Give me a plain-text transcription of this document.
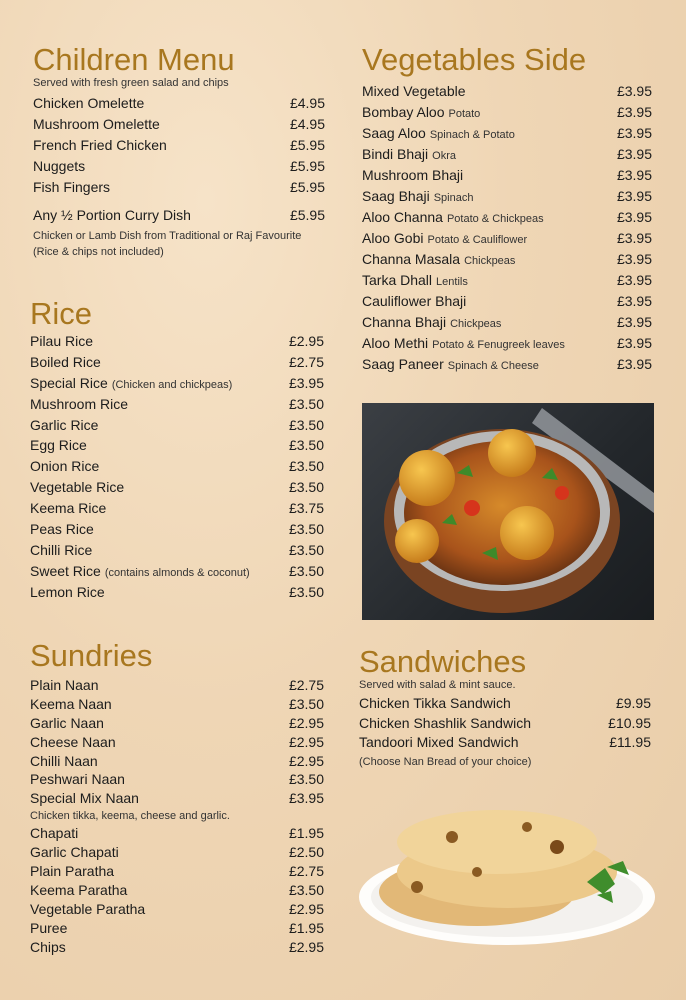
Children Menu
Served with fresh green salad and chips
Chicken Omelette	£4.95
Mushroom Omelette	£4.95
French Fried Chicken	£5.95
Nuggets	£5.95
Fish Fingers	£5.95
Any ½ Portion Curry Dish	£5.95
Chicken or Lamb Dish from Traditional or Raj Favourite
(Rice & chips not included)
Rice
Pilau Rice	£2.95
Boiled Rice	£2.75
Special Rice (Chicken and chickpeas)	£3.95
Mushroom Rice	£3.50
Garlic Rice	£3.50
Egg Rice	£3.50
Onion Rice	£3.50
Vegetable Rice	£3.50
Keema Rice	£3.75
Peas Rice	£3.50
Chilli Rice	£3.50
Sweet Rice (contains almonds & coconut)	£3.50
Lemon Rice	£3.50
Sundries
Plain Naan	£2.75
Keema Naan	£3.50
Garlic Naan	£2.95
Cheese Naan	£2.95
Chilli Naan	£2.95
Peshwari Naan	£3.50
Special Mix Naan	£3.95
Chicken tikka, keema, cheese and garlic.
Chapati	£1.95
Garlic Chapati	£2.50
Plain Paratha	£2.75
Keema Paratha	£3.50
Vegetable Paratha	£2.95
Puree	£1.95
Chips	£2.95
Vegetables Side
Mixed Vegetable	£3.95
Bombay Aloo Potato	£3.95
Saag Aloo Spinach & Potato	£3.95
Bindi Bhaji Okra	£3.95
Mushroom Bhaji	£3.95
Saag Bhaji Spinach	£3.95
Aloo Channa Potato & Chickpeas	£3.95
Aloo Gobi Potato & Cauliflower	£3.95
Channa Masala Chickpeas	£3.95
Tarka Dhall Lentils	£3.95
Cauliflower Bhaji	£3.95
Channa Bhaji Chickpeas	£3.95
Aloo Methi Potato & Fenugreek leaves	£3.95
Saag Paneer Spinach & Cheese	£3.95
Sandwiches
Served with salad & mint sauce.
Chicken Tikka Sandwich	£9.95
Chicken Shashlik Sandwich	£10.95
Tandoori Mixed Sandwich	£11.95
(Choose Nan Bread of your choice)
